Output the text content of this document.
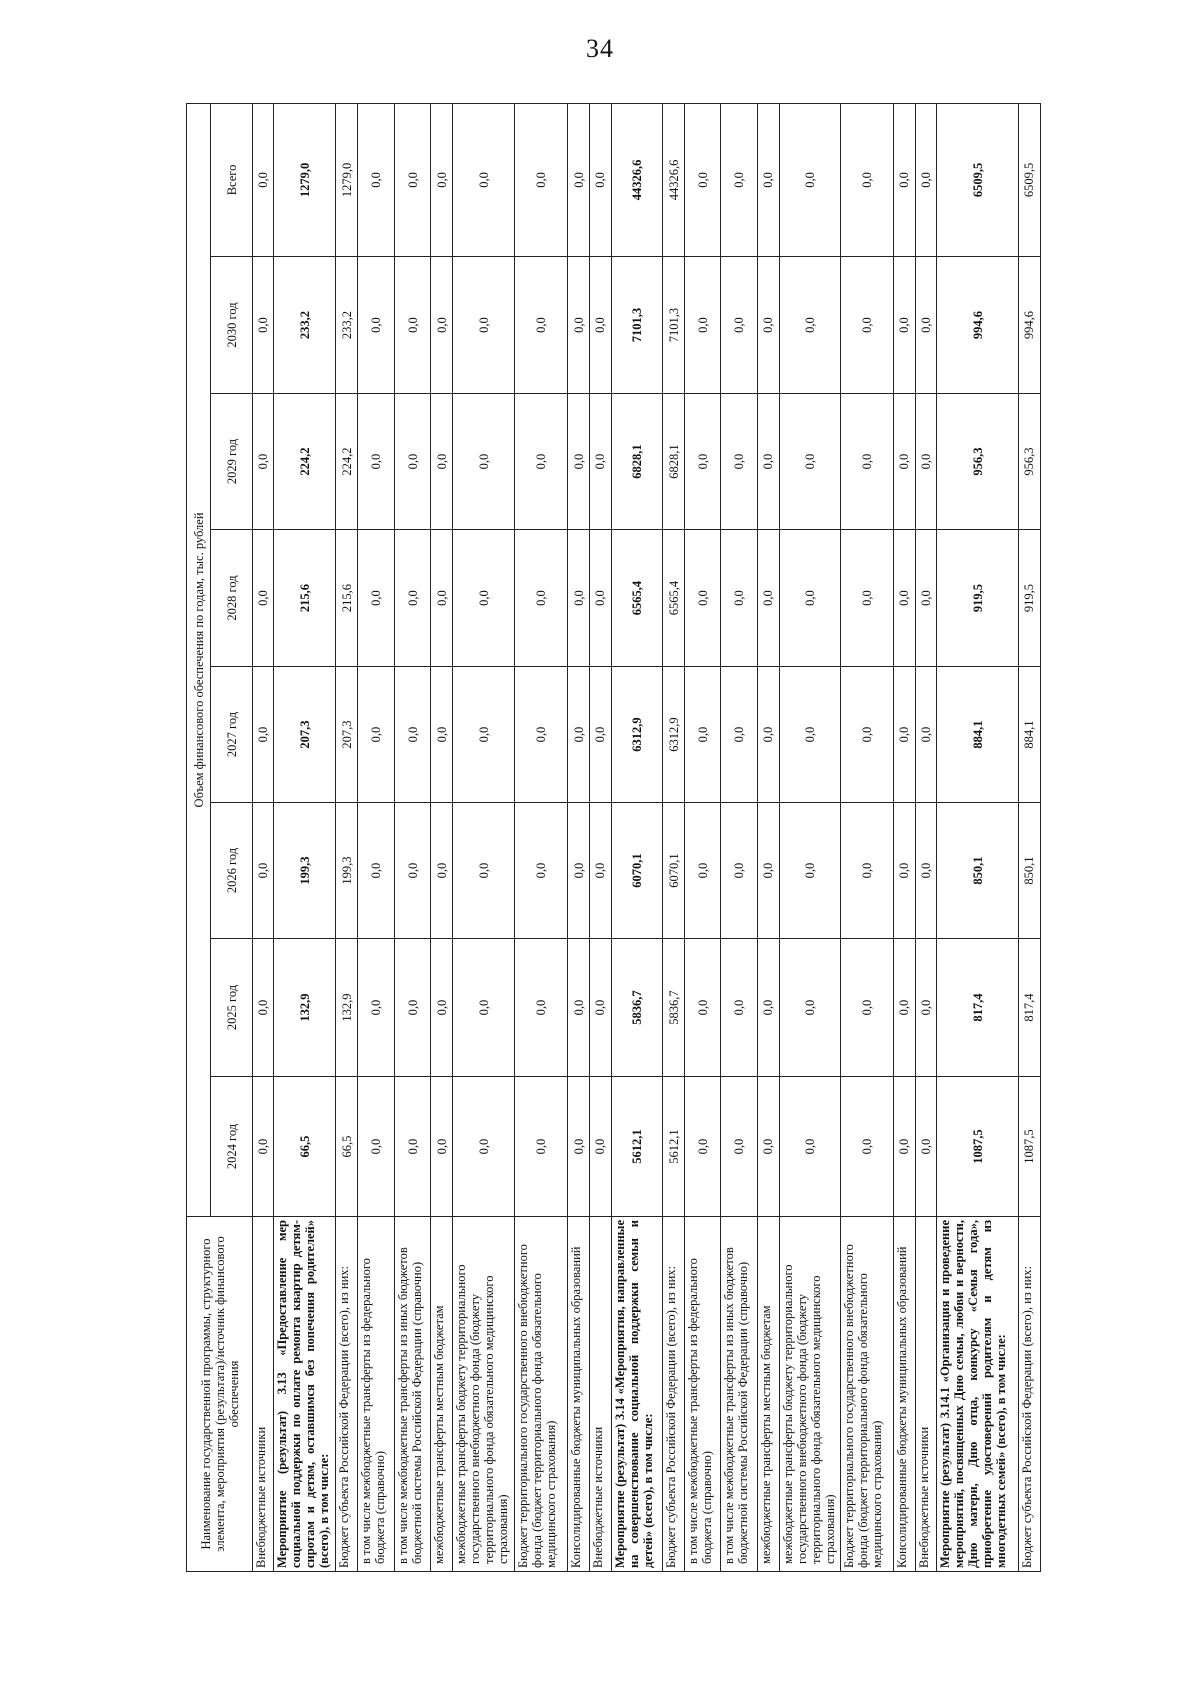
34
Наименование государственной программы, структурного элемента, мероприятия (результата)/источник финансового обеспечения	Объем финансового обеспечения по годам, тыс. рублей							
	2024 год	2025 год	2026 год	2027 год	2028 год	2029 год	2030 год	Всего
Внебюджетные источники	0,0	0,0	0,0	0,0	0,0	0,0	0,0	0,0
Мероприятие (результат) 3.13 «Предоставление мер социальной поддержки по оплате ремонта квартир детям-сиротам и детям, оставшимся без попечения родителей» (всего), в том числе:	66,5	132,9	199,3	207,3	215,6	224,2	233,2	1279,0
Бюджет субъекта Российской Федерации (всего), из них:	66,5	132,9	199,3	207,3	215,6	224,2	233,2	1279,0
в том числе межбюджетные трансферты из федерального бюджета (справочно)	0,0	0,0	0,0	0,0	0,0	0,0	0,0	0,0
в том числе межбюджетные трансферты из иных бюджетов бюджетной системы Российской Федерации (справочно)	0,0	0,0	0,0	0,0	0,0	0,0	0,0	0,0
межбюджетные трансферты местным бюджетам	0,0	0,0	0,0	0,0	0,0	0,0	0,0	0,0
межбюджетные трансферты бюджету территориального государственного внебюджетного фонда (бюджету территориального фонда обязательного медицинского страхования)	0,0	0,0	0,0	0,0	0,0	0,0	0,0	0,0
Бюджет территориального государственного внебюджетного фонда (бюджет территориального фонда обязательного медицинского страхования)	0,0	0,0	0,0	0,0	0,0	0,0	0,0	0,0
Консолидированные бюджеты муниципальных образований	0,0	0,0	0,0	0,0	0,0	0,0	0,0	0,0
Внебюджетные источники	0,0	0,0	0,0	0,0	0,0	0,0	0,0	0,0
Мероприятие (результат) 3.14 «Мероприятия, направленные на совершенствование социальной поддержки семьи и детей» (всего), в том числе:	5612,1	5836,7	6070,1	6312,9	6565,4	6828,1	7101,3	44326,6
Бюджет субъекта Российской Федерации (всего), из них:	5612,1	5836,7	6070,1	6312,9	6565,4	6828,1	7101,3	44326,6
в том числе межбюджетные трансферты из федерального бюджета (справочно)	0,0	0,0	0,0	0,0	0,0	0,0	0,0	0,0
в том числе межбюджетные трансферты из иных бюджетов бюджетной системы Российской Федерации (справочно)	0,0	0,0	0,0	0,0	0,0	0,0	0,0	0,0
межбюджетные трансферты местным бюджетам	0,0	0,0	0,0	0,0	0,0	0,0	0,0	0,0
межбюджетные трансферты бюджету территориального государственного внебюджетного фонда (бюджету территориального фонда обязательного медицинского страхования)	0,0	0,0	0,0	0,0	0,0	0,0	0,0	0,0
Бюджет территориального государственного внебюджетного фонда (бюджет территориального фонда обязательного медицинского страхования)	0,0	0,0	0,0	0,0	0,0	0,0	0,0	0,0
Консолидированные бюджеты муниципальных образований	0,0	0,0	0,0	0,0	0,0	0,0	0,0	0,0
Внебюджетные источники	0,0	0,0	0,0	0,0	0,0	0,0	0,0	0,0
Мероприятие (результат) 3.14.1 «Организация и проведение мероприятий, посвященных Дню семьи, любви и верности, Дню матери, Дню отца, конкурсу «Семья года», приобретение удостоверений родителям и детям из многодетных семей» (всего), в том числе:	1087,5	817,4	850,1	884,1	919,5	956,3	994,6	6509,5
Бюджет субъекта Российской Федерации (всего), из них:	1087,5	817,4	850,1	884,1	919,5	956,3	994,6	6509,5
